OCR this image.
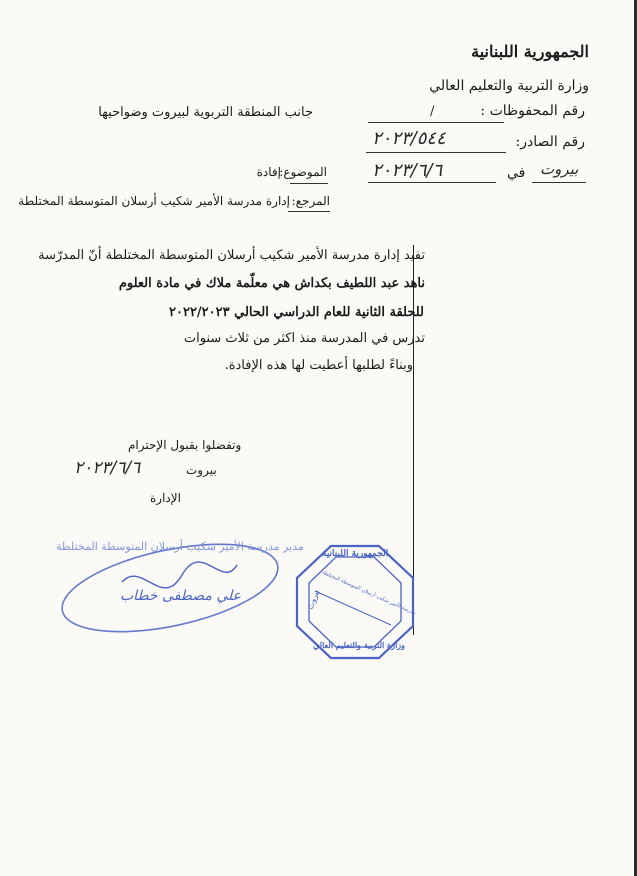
الجمهورية اللبنانية
وزارة التربية والتعليم العالي
رقم المحفوظات :
/
جانب المنطقة التربوية لبيروت وضواحيها
رقم الصادر:
٢٠٢٣/٥٤٤
بيروت
في
٢٠٢٣/٦/٦
الموضوع:
إفادة
المرجع:
إدارة مدرسة الأمير شكيب أرسلان المتوسطة المختلطة
تفيد إدارة مدرسة الأمير شكيب أرسلان المتوسطة المختلطة أنّ المدرّسة
ناهد عبد اللطيف بكداش هي معلّمة ملاك في مادة العلوم
للحلقة الثانية للعام الدراسي الحالي ٢٠٢٢/٢٠٢٣
تدرس في المدرسة منذ اكثر من ثلاث سنوات
وبناءً لطلبها أعطيت لها هذه الإفادة.
وتفضلوا بقبول الإحترام
بيروت
٢٠٢٣/٦/٦
الإدارة
مدير مدرسة الأمير شكيب أرسلان المتوسطة المختلطة
علي مصطفى خطاب
الجمهورية اللبنانية
مدرسة الأمير شكيب أرسلان المتوسطة المختلطة
وزارة التربية والتعليم العالي
بيروت
